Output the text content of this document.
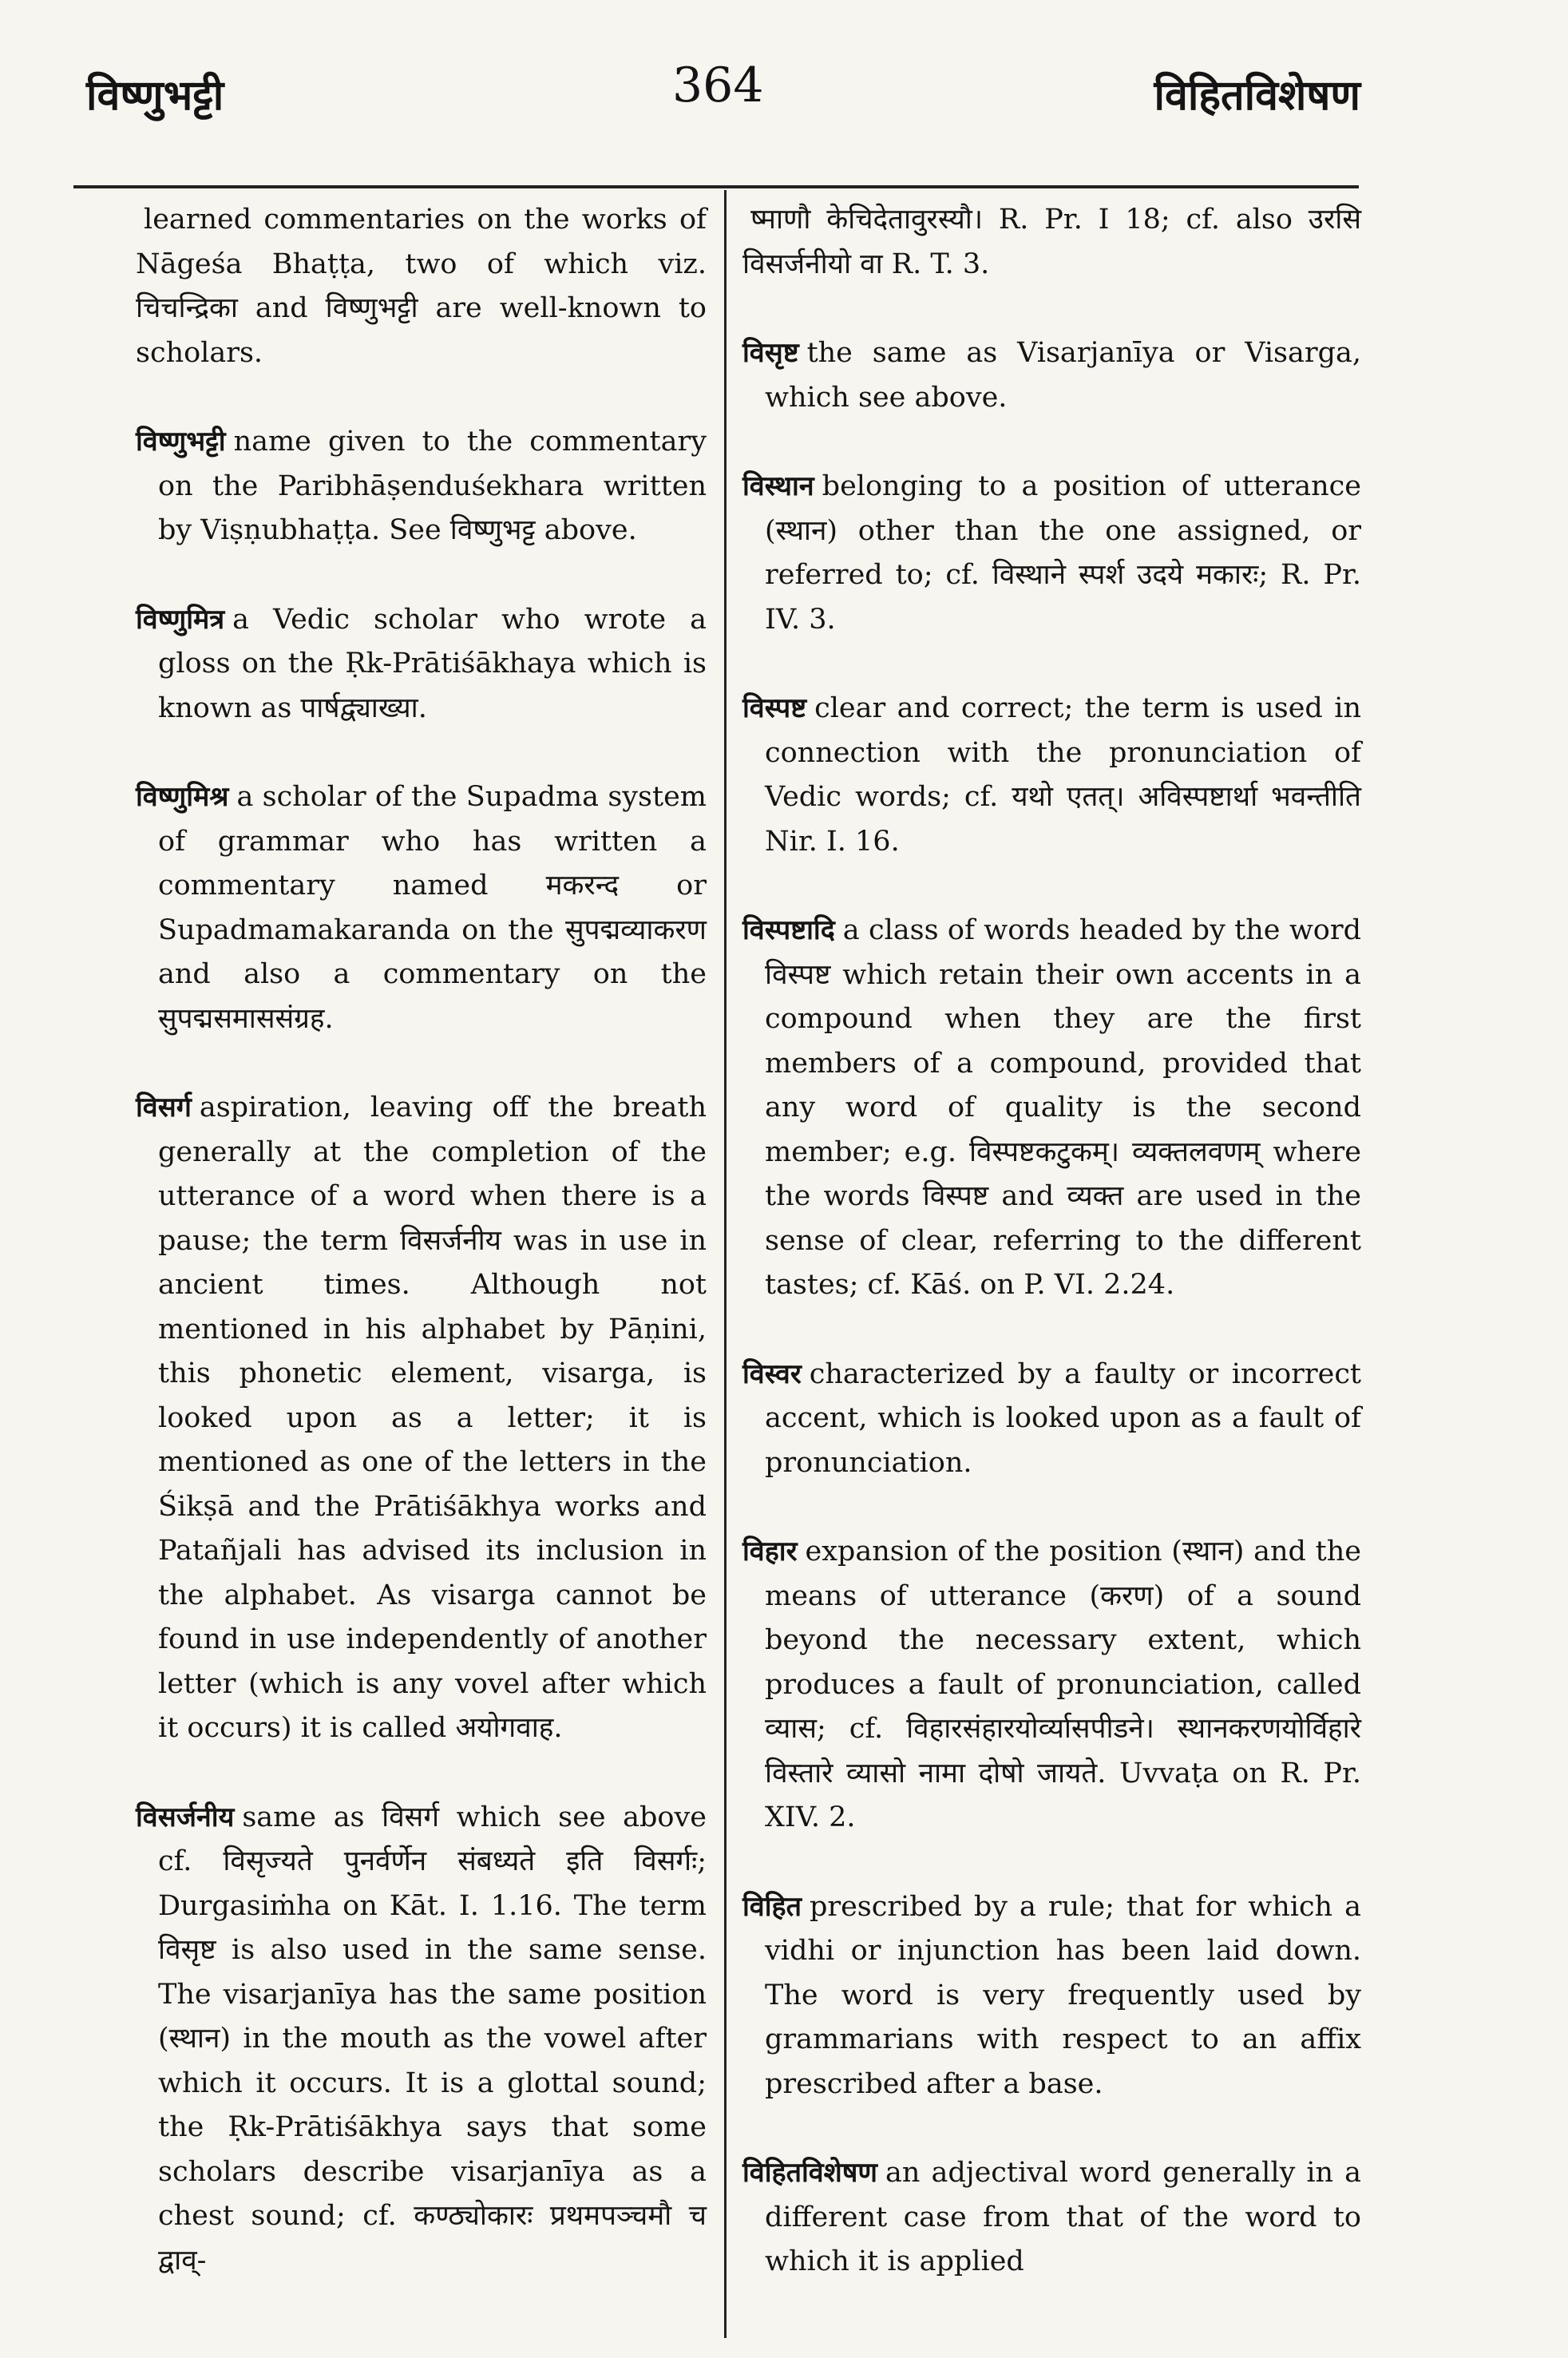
विष्णुभट्टी	364	विहितविशेषण

learned commentaries on the works of Nāgeśa Bhaṭṭa, two of which viz. चिचन्द्रिका and विष्णुभट्टी are well-known to scholars.

विष्णुभट्टी name given to the commentary on the Paribhāṣenduśekhara written by Viṣṇubhaṭṭa. See विष्णुभट्ट above.

विष्णुमित्र a Vedic scholar who wrote a gloss on the Ṛk-Prātiśākhaya which is known as पार्षद्व्याख्या.

विष्णुमिश्र a scholar of the Supadma system of grammar who has written a commentary named मकरन्द or Supadmamakaranda on the सुपद्मव्याकरण and also a commentary on the सुपद्मसमाससंग्रह.

विसर्ग aspiration, leaving off the breath generally at the completion of the utterance of a word when there is a pause; the term विसर्जनीय was in use in ancient times. Although not mentioned in his alphabet by Pāṇini, this phonetic element, visarga, is looked upon as a letter; it is mentioned as one of the letters in the Śikṣā and the Prātiśākhya works and Patañjali has advised its inclusion in the alphabet. As visarga cannot be found in use independently of another letter (which is any vovel after which it occurs) it is called अयोगवाह.

विसर्जनीय same as विसर्ग which see above cf. विसृज्यते पुनर्वर्णेन संबध्यते इति विसर्गः; Durgasiṁha on Kāt. I. 1.16. The term विसृष्ट is also used in the same sense. The visarjanīya has the same position (स्थान) in the mouth as the vowel after which it occurs. It is a glottal sound; the Ṛk-Prātiśākhya says that some scholars describe visarjanīya as a chest sound; cf. कण्ठ्योकारः प्रथमपञ्चमौ च द्वाव्-

ष्माणौ केचिदेतावुरस्यौ। R. Pr. I 18; cf. also उरसि विसर्जनीयो वा R. T. 3.

विसृष्ट the same as Visarjanīya or Visarga, which see above.

विस्थान belonging to a position of utterance (स्थान) other than the one assigned, or referred to; cf. विस्थाने स्पर्श उदये मकारः; R. Pr. IV. 3.

विस्पष्ट clear and correct; the term is used in connection with the pronunciation of Vedic words; cf. यथो एतत्। अविस्पष्टार्था भवन्तीति Nir. I. 16.

विस्पष्टादि a class of words headed by the word विस्पष्ट which retain their own accents in a compound when they are the first members of a compound, provided that any word of quality is the second member; e.g. विस्पष्टकटुकम्। व्यक्तलवणम् where the words विस्पष्ट and व्यक्त are used in the sense of clear, referring to the different tastes; cf. Kāś. on P. VI. 2.24.

विस्वर characterized by a faulty or incorrect accent, which is looked upon as a fault of pronunciation.

विहार expansion of the position (स्थान) and the means of utterance (करण) of a sound beyond the necessary extent, which produces a fault of pronunciation, called व्यास; cf. विहारसंहारयोर्व्यासपीडने। स्थानकरणयोर्विहारे विस्तारे व्यासो नामा दोषो जायते. Uvvaṭa on R. Pr. XIV. 2.

विहित prescribed by a rule; that for which a vidhi or injunction has been laid down. The word is very frequently used by grammarians with respect to an affix prescribed after a base.

विहितविशेषण an adjectival word generally in a different case from that of the word to which it is applied
